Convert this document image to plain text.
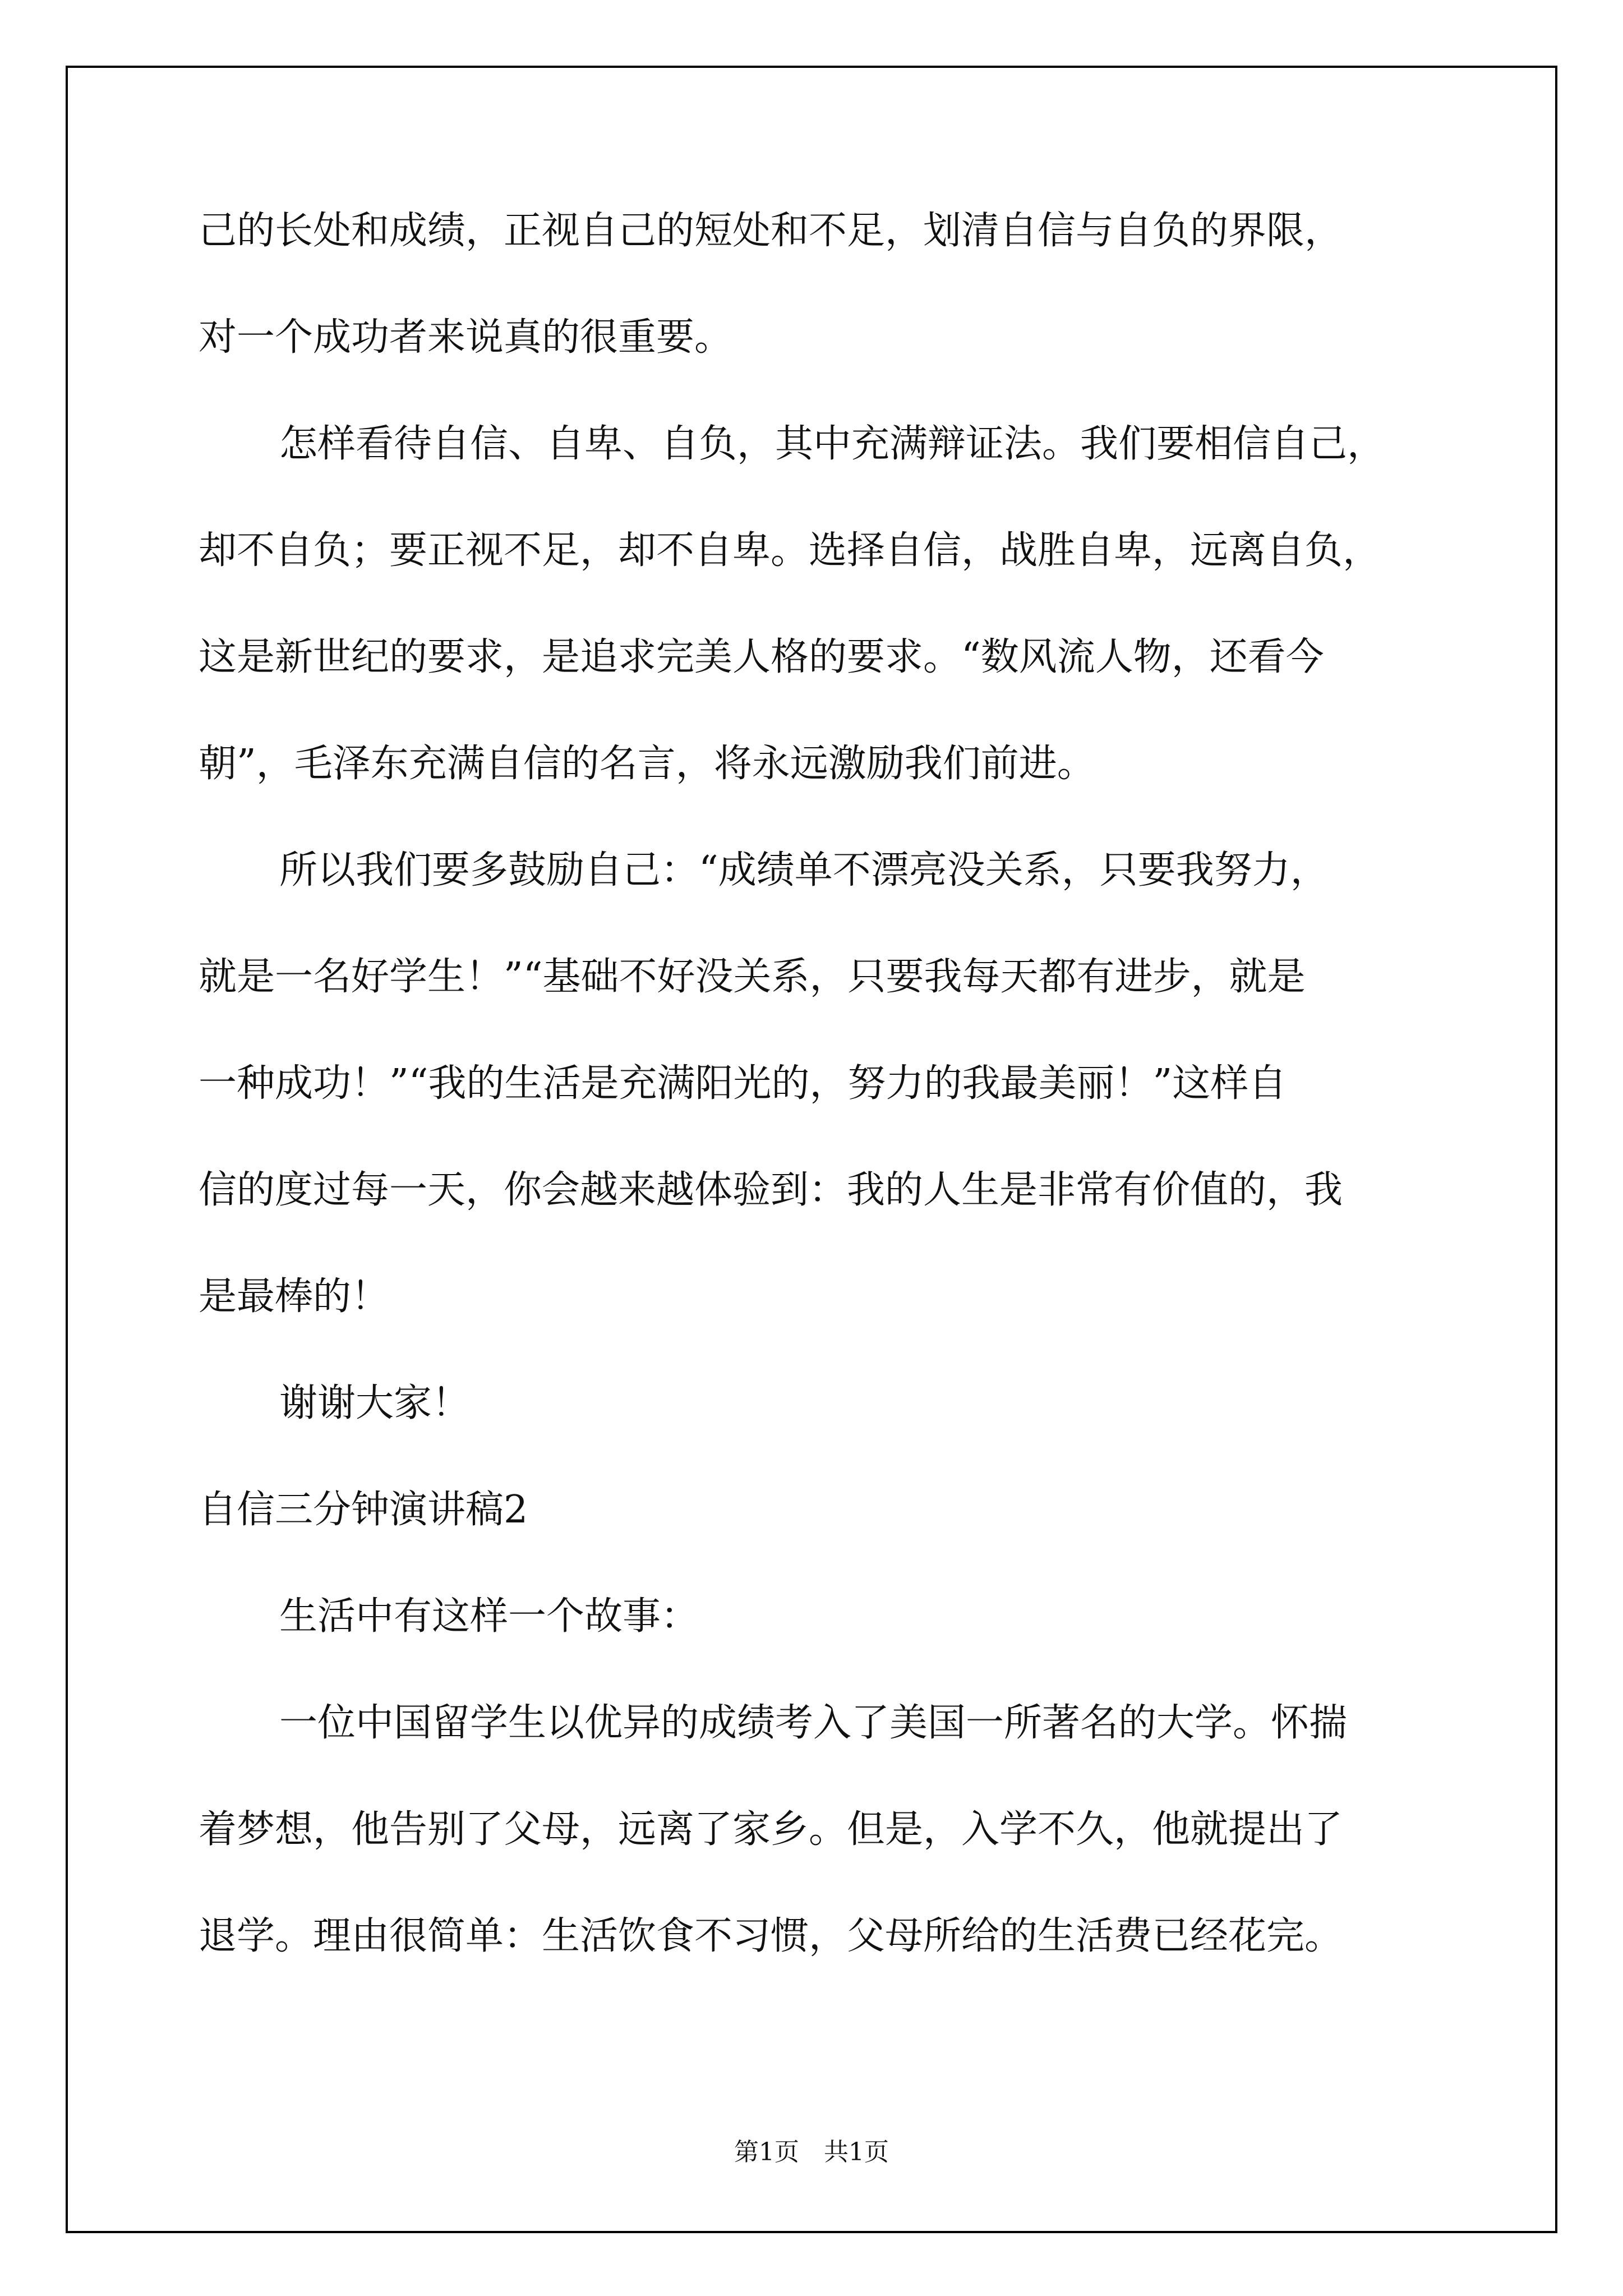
己的长处和成绩，正视自己的短处和不足，划清自信与自负的界限，
对一个成功者来说真的很重要。
怎样看待自信、自卑、自负，其中充满辩证法。我们要相信自己，
却不自负；要正视不足，却不自卑。选择自信，战胜自卑，远离自负，
这是新世纪的要求，是追求完美人格的要求。“数风流人物，还看今
朝”，毛泽东充满自信的名言，将永远激励我们前进。
所以我们要多鼓励自己：“成绩单不漂亮没关系，只要我努力，
就是一名好学生！”“基础不好没关系，只要我每天都有进步，就是
一种成功！”“我的生活是充满阳光的，努力的我最美丽！”这样自
信的度过每一天，你会越来越体验到：我的人生是非常有价值的，我
是最棒的！
谢谢大家！
自信三分钟演讲稿2
生活中有这样一个故事：
一位中国留学生以优异的成绩考入了美国一所著名的大学。怀揣
着梦想，他告别了父母，远离了家乡。但是，入学不久，他就提出了
退学。理由很简单：生活饮食不习惯，父母所给的生活费已经花完。
第1页　共1页
